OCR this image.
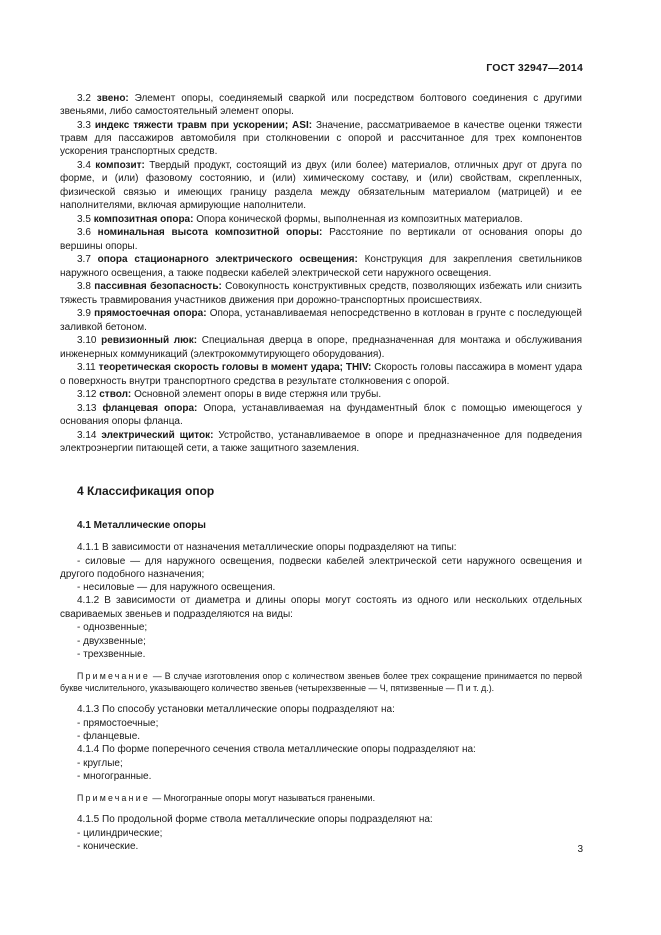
ГОСТ 32947—2014

3.2 звено: Элемент опоры, соединяемый сваркой или посредством болтового соединения с другими звеньями, либо самостоятельный элемент опоры.

3.3 индекс тяжести травм при ускорении; ASI: Значение, рассматриваемое в качестве оценки тяжести травм для пассажиров автомобиля при столкновении с опорой и рассчитанное для трех компонентов ускорения транспортных средств.

3.4 композит: Твердый продукт, состоящий из двух (или более) материалов, отличных друг от друга по форме, и (или) фазовому состоянию, и (или) химическому составу, и (или) свойствам, скрепленных, физической связью и имеющих границу раздела между обязательным материалом (матрицей) и ее наполнителями, включая армирующие наполнители.

3.5 композитная опора: Опора конической формы, выполненная из композитных материалов.

3.6 номинальная высота композитной опоры: Расстояние по вертикали от основания опоры до вершины опоры.

3.7 опора стационарного электрического освещения: Конструкция для закрепления светильников наружного освещения, а также подвески кабелей электрической сети наружного освещения.

3.8 пассивная безопасность: Совокупность конструктивных средств, позволяющих избежать или снизить тяжесть травмирования участников движения при дорожно-транспортных происшествиях.

3.9 прямостоечная опора: Опора, устанавливаемая непосредственно в котлован в грунте с последующей заливкой бетоном.

3.10 ревизионный люк: Специальная дверца в опоре, предназначенная для монтажа и обслуживания инженерных коммуникаций (электрокоммутирующего оборудования).

3.11 теоретическая скорость головы в момент удара; THIV: Скорость головы пассажира в момент удара о поверхность внутри транспортного средства в результате столкновения с опорой.

3.12 ствол: Основной элемент опоры в виде стержня или трубы.

3.13 фланцевая опора: Опора, устанавливаемая на фундаментный блок с помощью имеющегося у основания опоры фланца.

3.14 электрический щиток: Устройство, устанавливаемое в опоре и предназначенное для подведения электроэнергии питающей сети, а также защитного заземления.

4 Классификация опор
4.1 Металлические опоры

4.1.1 В зависимости от назначения металлические опоры подразделяют на типы:

- силовые — для наружного освещения, подвески кабелей электрической сети наружного освещения и другого подобного назначения;

- несиловые — для наружного освещения.

4.1.2 В зависимости от диаметра и длины опоры могут состоять из одного или нескольких отдельных свариваемых звеньев и подразделяются на виды:

- однозвенные;

- двухзвенные;

- трехзвенные.

Примечание — В случае изготовления опор с количеством звеньев более трех сокращение принимается по первой букве числительного, указывающего количество звеньев (четырехзвенные — Ч, пятизвенные — П и т. д.).

4.1.3 По способу установки металлические опоры подразделяют на:

- прямостоечные;

- фланцевые.

4.1.4 По форме поперечного сечения ствола металлические опоры подразделяют на:

- круглые;

- многогранные.

Примечание — Многогранные опоры могут называться гранеными.

4.1.5 По продольной форме ствола металлические опоры подразделяют на:

- цилиндрические;

- конические.	3
